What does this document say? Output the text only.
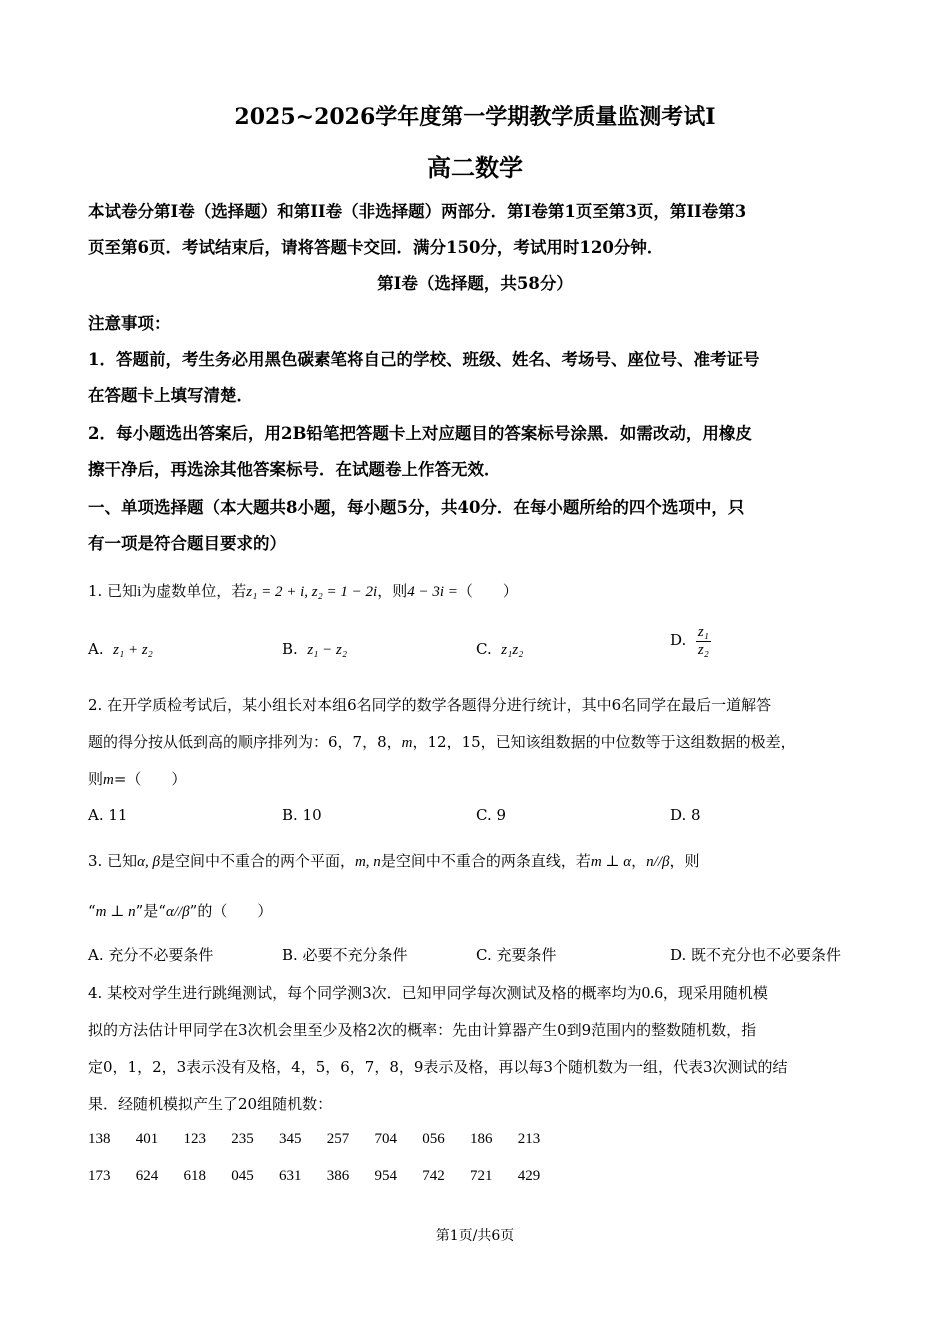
2025~2026学年度第一学期教学质量监测考试I
高二数学
本试卷分第I卷（选择题）和第II卷（非选择题）两部分．第I卷第1页至第3页，第II卷第3
页至第6页．考试结束后，请将答题卡交回．满分150分，考试用时120分钟．
第I卷（选择题，共58分）
注意事项：
1．答题前，考生务必用黑色碳素笔将自己的学校、班级、姓名、考场号、座位号、准考证号
在答题卡上填写清楚．
2．每小题选出答案后，用2B铅笔把答题卡上对应题目的答案标号涂黑．如需改动，用橡皮
擦干净后，再选涂其他答案标号．在试题卷上作答无效．
一、单项选择题（本大题共8小题，每小题5分，共40分．在每小题所给的四个选项中，只
有一项是符合题目要求的）
1. 已知i为虚数单位，若z₁ = 2 + i, z₂ = 1 − 2i，则4 − 3i =（　　）
A. z₁ + z₂	B. z₁ − z₂	C. z₁z₂
D. $\frac{\text{z₁}}{\text{z₂}}$
2. 在开学质检考试后，某小组长对本组6名同学的数学各题得分进行统计，其中6名同学在最后一道解答
题的得分按从低到高的顺序排列为：6，7，8，m，12，15，已知该组数据的中位数等于这组数据的极差，
则m=（　　）
A. 11	B. 10	C. 9	D. 8
3. 已知α, β是空间中不重合的两个平面，m, n是空间中不重合的两条直线，若m ⊥ α，n//β，则
“m ⊥ n”是“α//β”的（　　）
A. 充分不必要条件	B. 必要不充分条件	C. 充要条件	D. 既不充分也不必要条件
4. 某校对学生进行跳绳测试，每个同学测3次．已知甲同学每次测试及格的概率均为0.6，现采用随机模
拟的方法估计甲同学在3次机会里至少及格2次的概率：先由计算器产生0到9范围内的整数随机数，指
定0，1，2，3表示没有及格，4，5，6，7，8，9表示及格，再以每3个随机数为一组，代表3次测试的结
果．经随机模拟产生了20组随机数：
138 401 123 235 345 257 704 056 186 213
173 624 618 045 631 386 954 742 721 429
第1页/共6页
